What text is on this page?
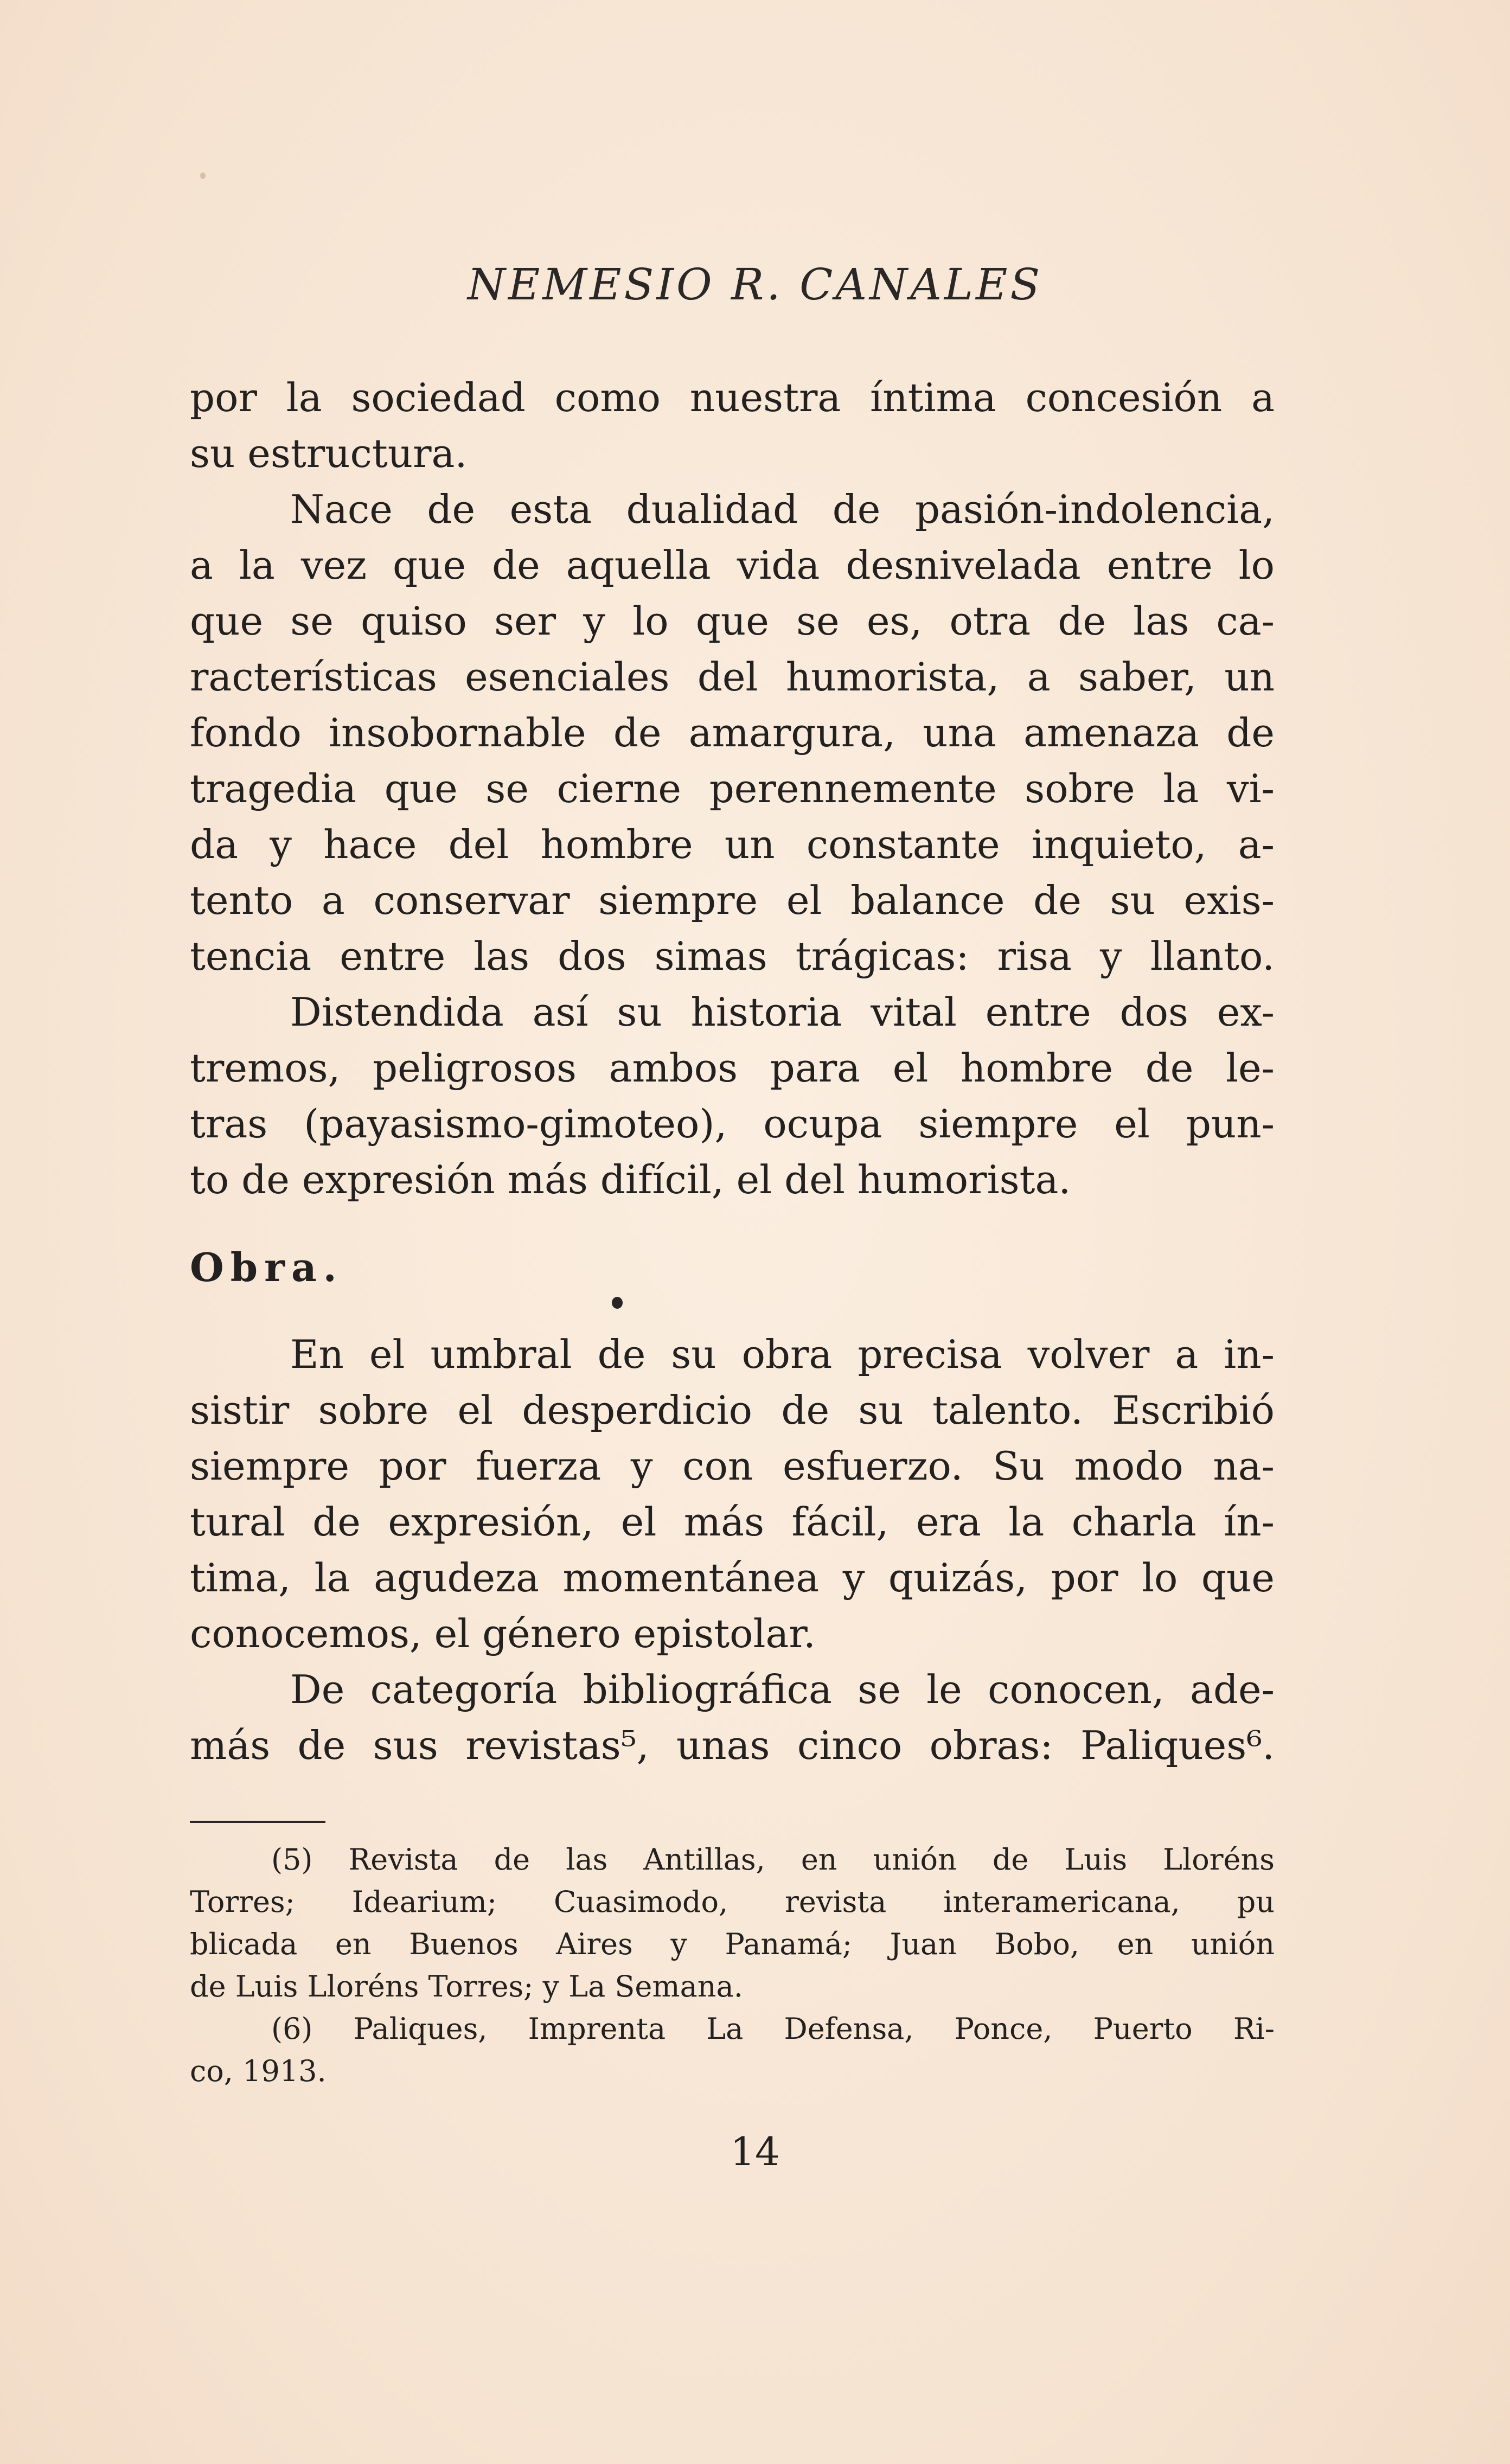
NEMESIO R. CANALES
por la sociedad como nuestra íntima concesión a
su estructura.
Nace de esta dualidad de pasión-indolencia,
a la vez que de aquella vida desnivelada entre lo
que se quiso ser y lo que se es, otra de las ca-
racterísticas esenciales del humorista, a saber, un
fondo insobornable de amargura, una amenaza de
tragedia que se cierne perennemente sobre la vi-
da y hace del hombre un constante inquieto, a-
tento a conservar siempre el balance de su exis-
tencia entre las dos simas trágicas: risa y llanto.
Distendida así su historia vital entre dos ex-
tremos, peligrosos ambos para el hombre de le-
tras (payasismo-gimoteo), ocupa siempre el pun-
to de expresión más difícil, el del humorista.
Obra.
En el umbral de su obra precisa volver a in-
sistir sobre el desperdicio de su talento. Escribió
siempre por fuerza y con esfuerzo. Su modo na-
tural de expresión, el más fácil, era la charla ín-
tima, la agudeza momentánea y quizás, por lo que
conocemos, el género epistolar.
De categoría bibliográfica se le conocen, ade-
más de sus revistas⁵, unas cinco obras: Paliques⁶.
(5) Revista de las Antillas, en unión de Luis Lloréns
Torres; Idearium; Cuasimodo, revista interamericana, pu
blicada en Buenos Aires y Panamá; Juan Bobo, en unión
de Luis Lloréns Torres; y La Semana.
(6) Paliques, Imprenta La Defensa, Ponce, Puerto Ri-
co, 1913.
14
